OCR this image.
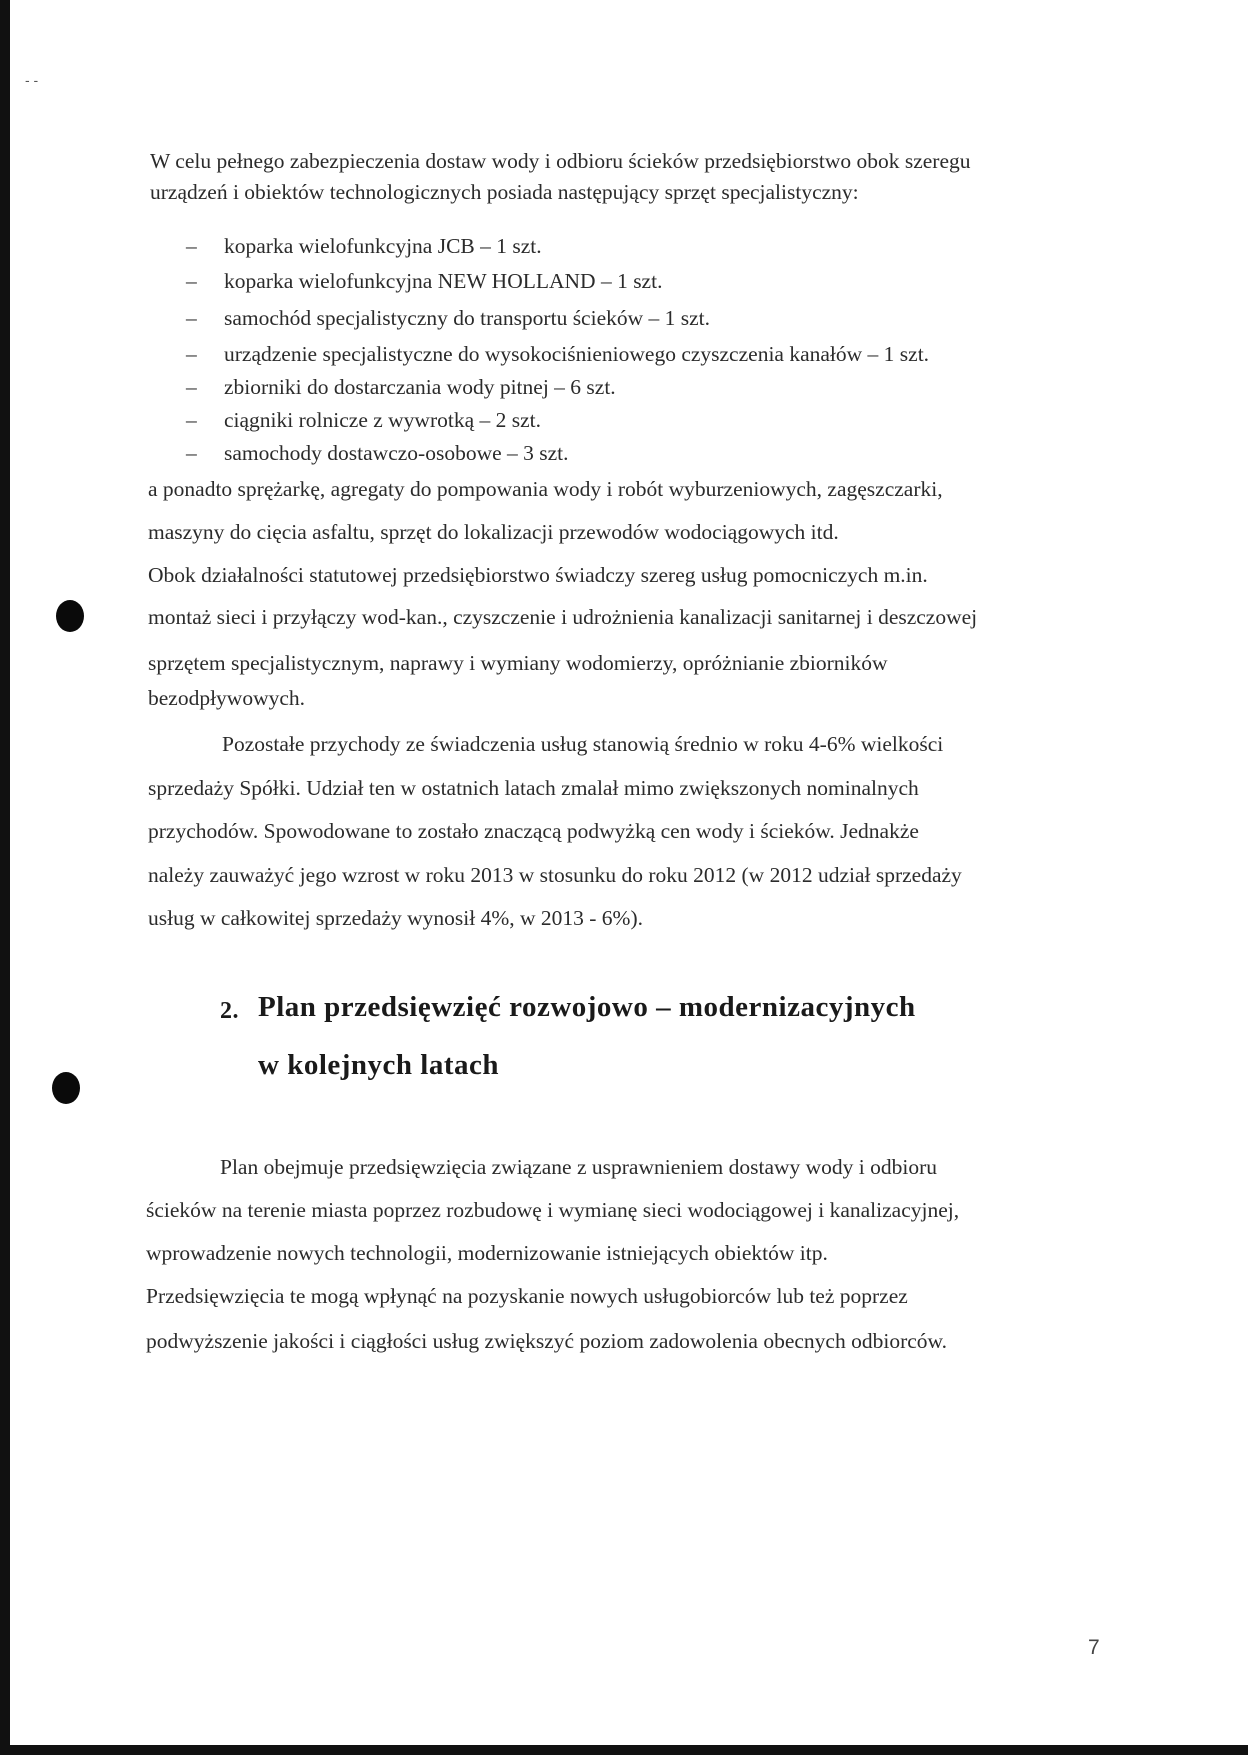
- -
W celu pełnego zabezpieczenia dostaw wody i odbioru ścieków przedsiębiorstwo obok szeregu
urządzeń i obiektów technologicznych posiada następujący sprzęt specjalistyczny:
– koparka wielofunkcyjna JCB – 1 szt.
– koparka wielofunkcyjna NEW HOLLAND – 1 szt.
– samochód specjalistyczny do transportu ścieków – 1 szt.
– urządzenie specjalistyczne do wysokociśnieniowego czyszczenia kanałów – 1 szt.
– zbiorniki do dostarczania wody pitnej – 6 szt.
– ciągniki rolnicze z wywrotką – 2 szt.
– samochody dostawczo-osobowe – 3 szt.
a ponadto sprężarkę, agregaty do pompowania wody i robót wyburzeniowych, zagęszczarki,
maszyny do cięcia asfaltu, sprzęt do lokalizacji przewodów wodociągowych itd.
Obok działalności statutowej przedsiębiorstwo świadczy szereg usług pomocniczych m.in.
montaż sieci i przyłączy wod-kan., czyszczenie i udrożnienia kanalizacji sanitarnej i deszczowej
sprzętem specjalistycznym, naprawy i wymiany wodomierzy, opróżnianie zbiorników
bezodpływowych.
Pozostałe przychody ze świadczenia usług stanowią średnio w roku 4-6% wielkości
sprzedaży Spółki. Udział ten w ostatnich latach zmalał mimo zwiększonych nominalnych
przychodów. Spowodowane to zostało znaczącą podwyżką cen wody i ścieków. Jednakże
należy zauważyć jego wzrost w roku 2013 w stosunku do roku 2012 (w 2012 udział sprzedaży
usług w całkowitej sprzedaży wynosił 4%, w 2013 - 6%).
2. Plan przedsięwzięć rozwojowo – modernizacyjnych
w kolejnych latach
Plan obejmuje przedsięwzięcia związane z usprawnieniem dostawy wody i odbioru
ścieków na terenie miasta poprzez rozbudowę i wymianę sieci wodociągowej i kanalizacyjnej,
wprowadzenie nowych technologii, modernizowanie istniejących obiektów itp.
Przedsięwzięcia te mogą wpłynąć na pozyskanie nowych usługobiorców lub też poprzez
podwyższenie jakości i ciągłości usług zwiększyć poziom zadowolenia obecnych odbiorców.
7
